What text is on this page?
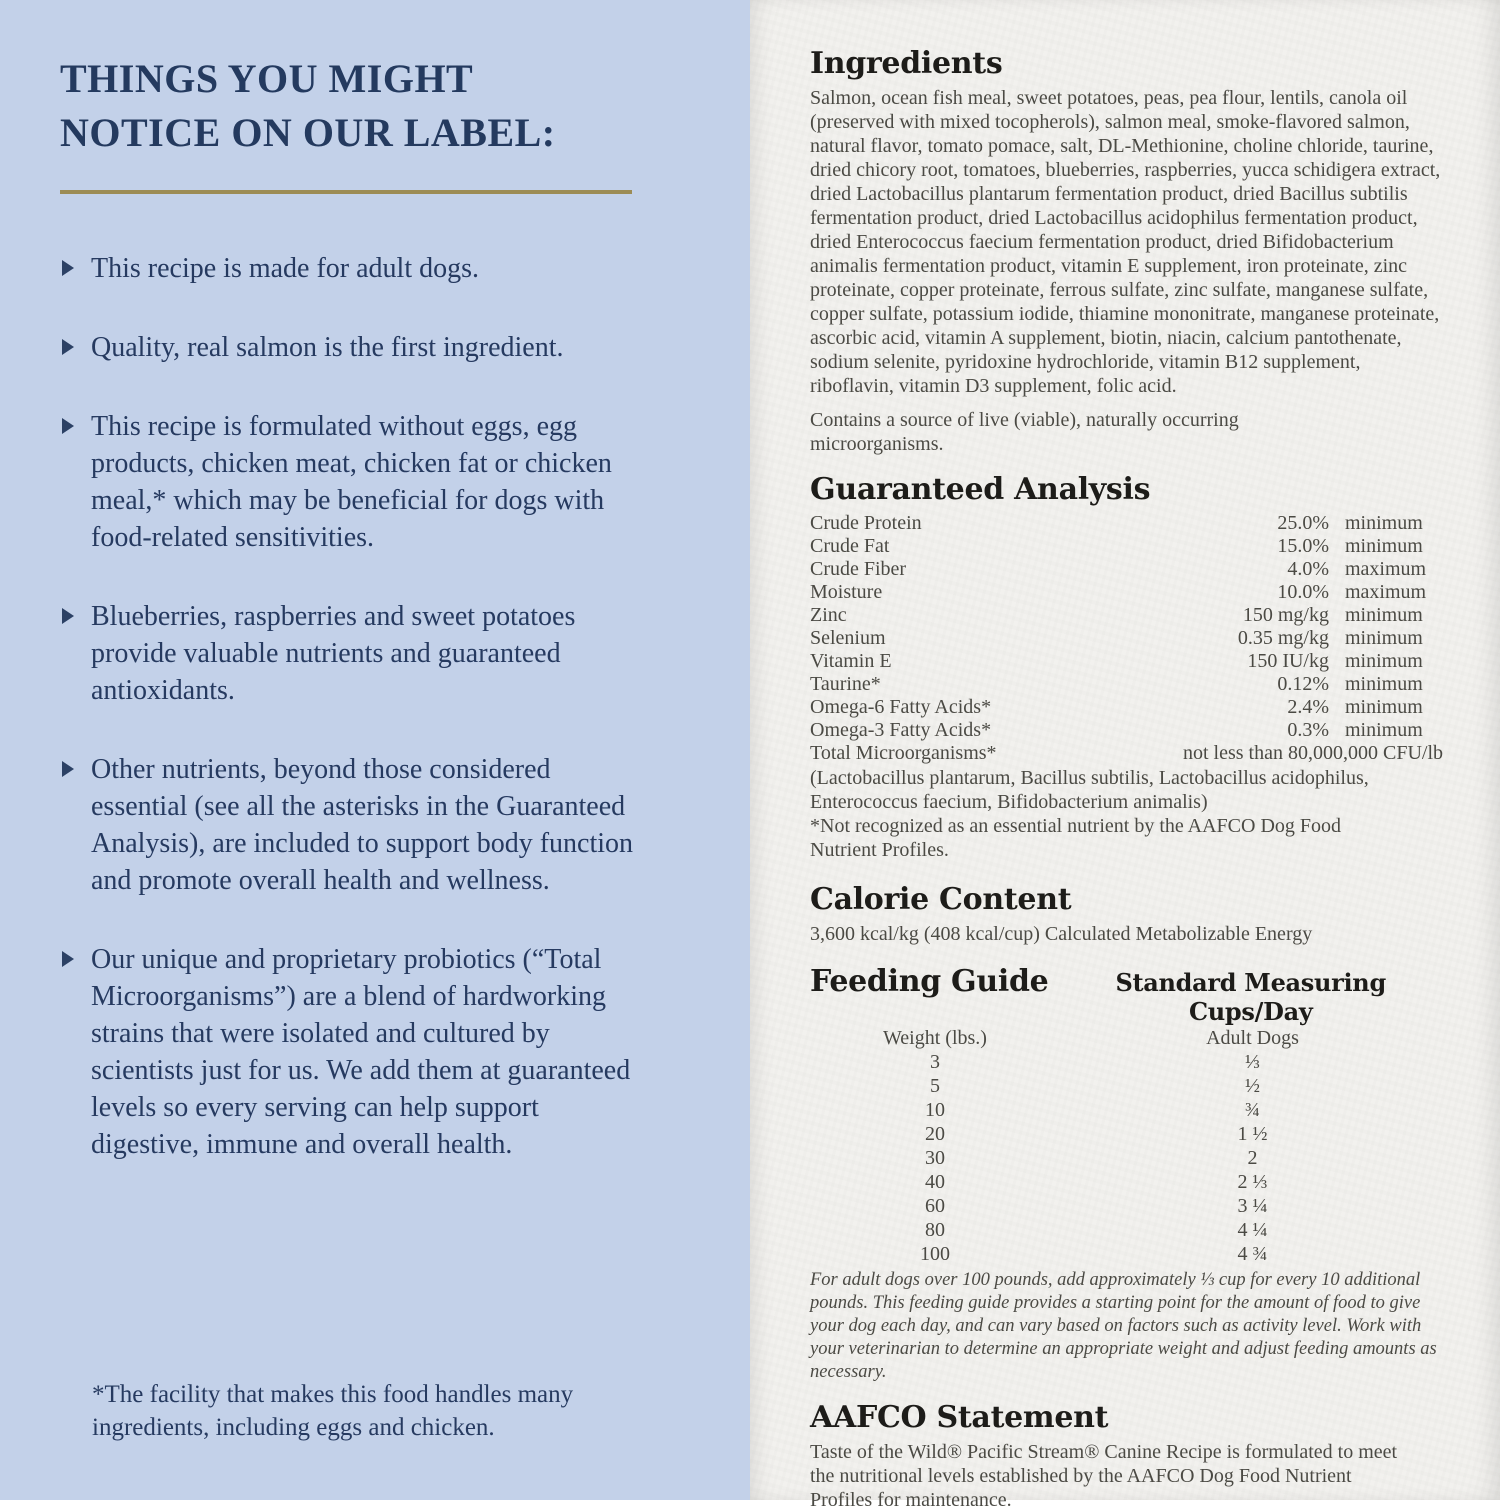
THINGS YOU MIGHT
NOTICE ON OUR LABEL:
This recipe is made for adult dogs.
Quality, real salmon is the first ingredient.
This recipe is formulated without eggs, egg products, chicken meat, chicken fat or chicken meal,* which may be beneficial for dogs with food-related sensitivities.
Blueberries, raspberries and sweet potatoes provide valuable nutrients and guaranteed antioxidants.
Other nutrients, beyond those considered essential (see all the asterisks in the Guaranteed Analysis), are included to support body function and promote overall health and wellness.
Our unique and proprietary probiotics (“Total Microorganisms”) are a blend of hardworking strains that were isolated and cultured by scientists just for us. We add them at guaranteed levels so every serving can help support digestive, immune and overall health.

*The facility that makes this food handles many ingredients, including eggs and chicken.

Ingredients

Salmon, ocean fish meal, sweet potatoes, peas, pea flour, lentils, canola oil (preserved with mixed tocopherols), salmon meal, smoke-flavored salmon, natural flavor, tomato pomace, salt, DL-Methionine, choline chloride, taurine, dried chicory root, tomatoes, blueberries, raspberries, yucca schidigera extract, dried Lactobacillus plantarum fermentation product, dried Bacillus subtilis fermentation product, dried Lactobacillus acidophilus fermentation product, dried Enterococcus faecium fermentation product, dried Bifidobacterium animalis fermentation product, vitamin E supplement, iron proteinate, zinc proteinate, copper proteinate, ferrous sulfate, zinc sulfate, manganese sulfate, copper sulfate, potassium iodide, thiamine mononitrate, manganese proteinate, ascorbic acid, vitamin A supplement, biotin, niacin, calcium pantothenate, sodium selenite, pyridoxine hydrochloride, vitamin B12 supplement, riboflavin, vitamin D3 supplement, folic acid.

Contains a source of live (viable), naturally occurring microorganisms.

Guaranteed Analysis
Crude Protein	25.0% minimum
Crude Fat	15.0% minimum
Crude Fiber	4.0% maximum
Moisture	10.0% maximum
Zinc	150 mg/kg minimum
Selenium	0.35 mg/kg minimum
Vitamin E	150 IU/kg minimum
Taurine*	0.12% minimum
Omega-6 Fatty Acids*	2.4% minimum
Omega-3 Fatty Acids*	0.3% minimum
Total Microorganisms*	not less than 80,000,000 CFU/lb

(Lactobacillus plantarum, Bacillus subtilis, Lactobacillus acidophilus, Enterococcus faecium, Bifidobacterium animalis)

*Not recognized as an essential nutrient by the AAFCO Dog Food Nutrient Profiles.

Calorie Content

3,600 kcal/kg (408 kcal/cup) Calculated Metabolizable Energy

Feeding Guide	Standard Measuring Cups/Day
Weight (lbs.)	Adult Dogs
3	⅓
5	½
10	¾
20	1 ½
30	2
40	2 ⅓
60	3 ¼
80	4 ¼
100	4 ¾

For adult dogs over 100 pounds, add approximately ⅓ cup for every 10 additional pounds. This feeding guide provides a starting point for the amount of food to give your dog each day, and can vary based on factors such as activity level. Work with your veterinarian to determine an appropriate weight and adjust feeding amounts as necessary.

AAFCO Statement

Taste of the Wild® Pacific Stream® Canine Recipe is formulated to meet the nutritional levels established by the AAFCO Dog Food Nutrient Profiles for maintenance.
